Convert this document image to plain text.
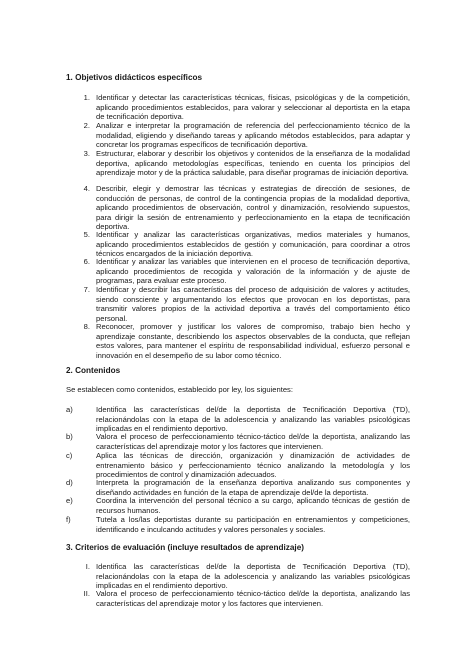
1. Objetivos didácticos específicos
1. Identificar y detectar las características técnicas, físicas, psicológicas y de la competición, aplicando procedimientos establecidos, para valorar y seleccionar al deportista en la etapa de tecnificación deportiva.
2. Analizar e interpretar la programación de referencia del perfeccionamiento técnico de la modalidad, eligiendo y diseñando tareas y aplicando métodos establecidos, para adaptar y concretar los programas específicos de tecnificación deportiva.
3. Estructurar, elaborar y describir los objetivos y contenidos de la enseñanza de la modalidad deportiva, aplicando metodologías específicas, teniendo en cuenta los principios del aprendizaje motor y de la práctica saludable, para diseñar programas de iniciación deportiva.
4. Describir, elegir y demostrar las técnicas y estrategias de dirección de sesiones, de conducción de personas, de control de la contingencia propias de la modalidad deportiva, aplicando procedimientos de observación, control y dinamización, resolviendo supuestos, para dirigir la sesión de entrenamiento y perfeccionamiento en la etapa de tecnificación deportiva.
5. Identificar y analizar las características organizativas, medios materiales y humanos, aplicando procedimientos establecidos de gestión y comunicación, para coordinar a otros técnicos encargados de la iniciación deportiva.
6. Identificar y analizar las variables que intervienen en el proceso de tecnificación deportiva, aplicando procedimientos de recogida y valoración de la información y de ajuste de programas, para evaluar este proceso.
7. Identificar y describir las características del proceso de adquisición de valores y actitudes, siendo consciente y argumentando los efectos que provocan en los deportistas, para transmitir valores propios de la actividad deportiva a través del comportamiento ético personal.
8. Reconocer, promover y justificar los valores de compromiso, trabajo bien hecho y aprendizaje constante, describiendo los aspectos observables de la conducta, que reflejan estos valores, para mantener el espíritu de responsabilidad individual, esfuerzo personal e innovación en el desempeño de su labor como técnico.
2. Contenidos
Se establecen como contenidos, establecido por ley, los siguientes:
a)	Identifica las características del/de la deportista de Tecnificación Deportiva (TD), relacionándolas con la etapa de la adolescencia y analizando las variables psicológicas implicadas en el rendimiento deportivo.
b)	Valora el proceso de perfeccionamiento técnico-táctico del/de la deportista, analizando las características del aprendizaje motor y los factores que intervienen.
c)	Aplica las técnicas de dirección, organización y dinamización de actividades de entrenamiento básico y perfeccionamiento técnico analizando la metodología y los procedimientos de control y dinamización adecuados.
d)	Interpreta la programación de la enseñanza deportiva analizando sus componentes y diseñando actividades en función de la etapa de aprendizaje del/de la deportista.
e)	Coordina la intervención del personal técnico a su cargo, aplicando técnicas de gestión de recursos humanos.
f)	Tutela a los/las deportistas durante su participación en entrenamientos y competiciones, identificando e inculcando actitudes y valores personales y sociales.
3. Criterios de evaluación (incluye resultados de aprendizaje)
I. Identifica las características del/de la deportista de Tecnificación Deportiva (TD), relacionándolas con la etapa de la adolescencia y analizando las variables psicológicas implicadas en el rendimiento deportivo.
II. Valora el proceso de perfeccionamiento técnico-táctico del/de la deportista, analizando las características del aprendizaje motor y los factores que intervienen.
